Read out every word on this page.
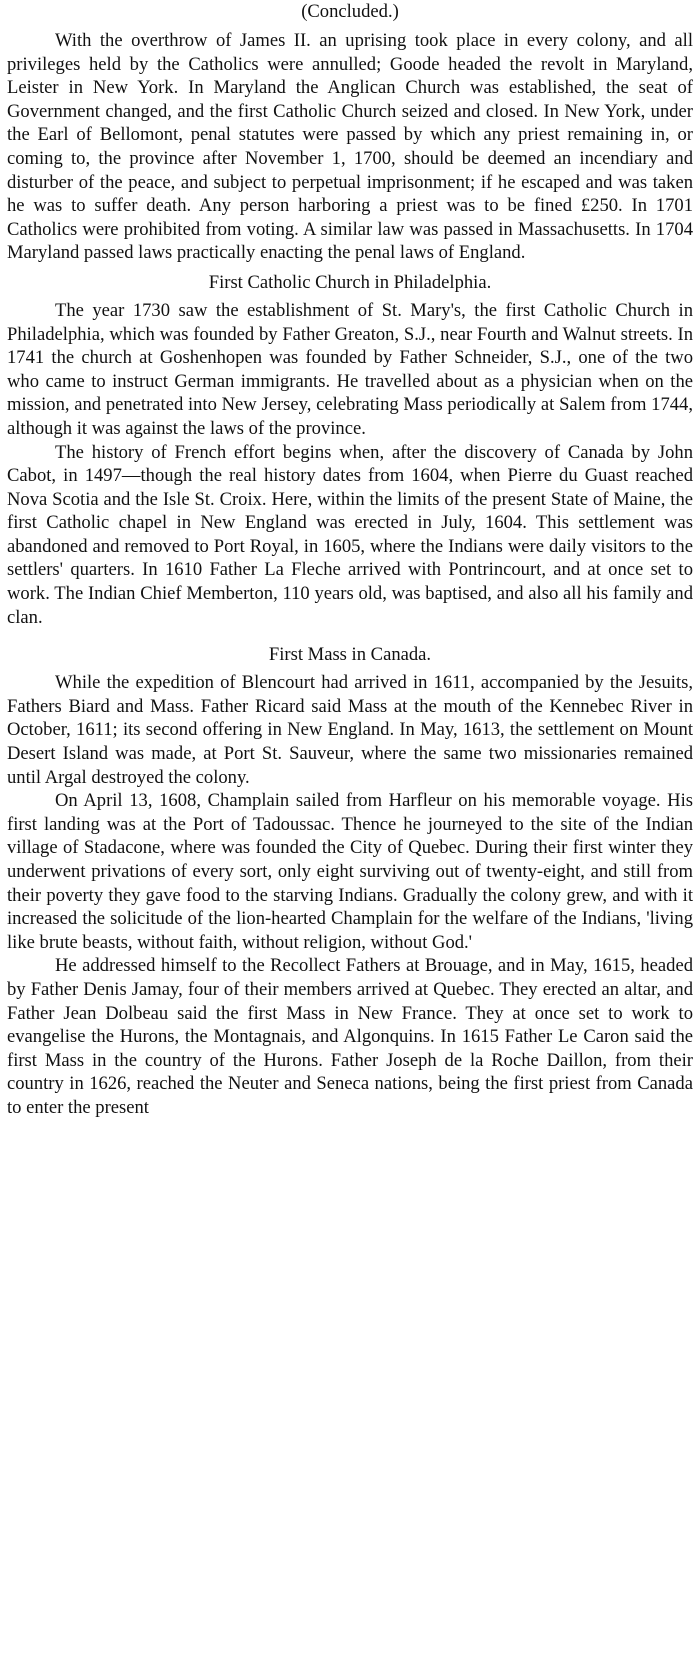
(Concluded.)

With the overthrow of James II. an uprising took place in every colony, and all privileges held by the Catholics were annulled; Goode headed the revolt in Maryland, Leister in New York. In Maryland the Anglican Church was established, the seat of Government changed, and the first Catholic Church seized and closed. In New York, under the Earl of Bellomont, penal statutes were passed by which any priest remaining in, or coming to, the province after November 1, 1700, should be deemed an incendiary and disturber of the peace, and subject to perpetual imprisonment; if he escaped and was taken he was to suffer death. Any person harboring a priest was to be fined £250. In 1701 Catholics were prohibited from voting. A similar law was passed in Massachusetts. In 1704 Maryland passed laws practically enacting the penal laws of England.

First Catholic Church in Philadelphia.

The year 1730 saw the establishment of St. Mary's, the first Catholic Church in Philadelphia, which was founded by Father Greaton, S.J., near Fourth and Walnut streets. In 1741 the church at Goshenhopen was founded by Father Schneider, S.J., one of the two who came to instruct German immigrants. He travelled about as a physician when on the mission, and penetrated into New Jersey, celebrating Mass periodically at Salem from 1744, although it was against the laws of the province.

The history of French effort begins when, after the discovery of Canada by John Cabot, in 1497—though the real history dates from 1604, when Pierre du Guast reached Nova Scotia and the Isle St. Croix. Here, within the limits of the present State of Maine, the first Catholic chapel in New England was erected in July, 1604. This settlement was abandoned and removed to Port Royal, in 1605, where the Indians were daily visitors to the settlers' quarters. In 1610 Father La Fleche arrived with Pontrincourt, and at once set to work. The Indian Chief Memberton, 110 years old, was baptised, and also all his family and clan.

First Mass in Canada.

While the expedition of Blencourt had arrived in 1611, accompanied by the Jesuits, Fathers Biard and Mass. Father Ricard said Mass at the mouth of the Kennebec River in October, 1611; its second offering in New England. In May, 1613, the settlement on Mount Desert Island was made, at Port St. Sauveur, where the same two missionaries remained until Argal destroyed the colony.

On April 13, 1608, Champlain sailed from Harfleur on his memorable voyage. His first landing was at the Port of Tadoussac. Thence he journeyed to the site of the Indian village of Stadacone, where was founded the City of Quebec. During their first winter they underwent privations of every sort, only eight surviving out of twenty-eight, and still from their poverty they gave food to the starving Indians. Gradually the colony grew, and with it increased the solicitude of the lion-hearted Champlain for the welfare of the Indians, 'living like brute beasts, without faith, without religion, without God.'

He addressed himself to the Recollect Fathers at Brouage, and in May, 1615, headed by Father Denis Jamay, four of their members arrived at Quebec. They erected an altar, and Father Jean Dolbeau said the first Mass in New France. They at once set to work to evangelise the Hurons, the Montagnais, and Algonquins. In 1615 Father Le Caron said the first Mass in the country of the Hurons. Father Joseph de la Roche Daillon, from their country in 1626, reached the Neuter and Seneca nations, being the first priest from Canada to enter the present
